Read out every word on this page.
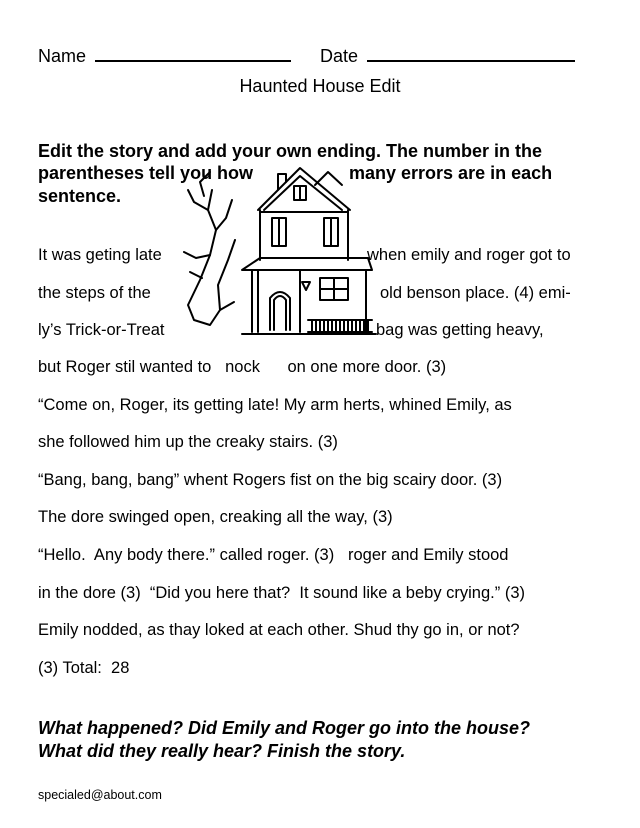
Name	Date
Haunted House Edit
Edit the story and add your own ending. The number in the
parentheses tell you how	many errors are in each
sentence.
It was geting late	when emily and roger got to
the steps of the	old benson place. (4) emi-
ly’s Trick-or-Treat	bag was getting heavy,
but Roger stil wanted to   nock      on one more door. (3)
“Come on, Roger, its getting late! My arm herts, whined Emily, as
she followed him up the creaky stairs. (3)
“Bang, bang, bang” whent Rogers fist on the big scairy door. (3)
The dore swinged open, creaking all the way, (3)
“Hello.  Any body there.” called roger. (3)   roger and Emily stood
in the dore (3)  “Did you here that?  It sound like a beby crying.” (3)
Emily nodded, as thay loked at each other. Shud thy go in, or not?
(3) Total:  28
What happened? Did Emily and Roger go into the house?
What did they really hear? Finish the story.
specialed@about.com
